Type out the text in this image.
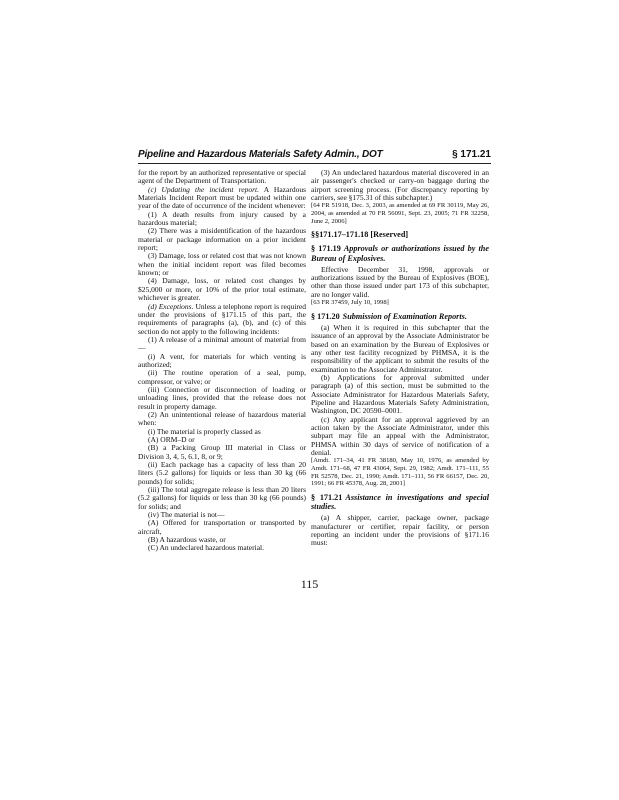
Pipeline and Hazardous Materials Safety Admin., DOT	§ 171.21

for the report by an authorized representative or special agent of the Department of Transportation.

(c) Updating the incident report. A Hazardous Materials Incident Report must be updated within one year of the date of occurrence of the incident whenever:

(1) A death results from injury caused by a hazardous material;

(2) There was a misidentification of the hazardous material or package information on a prior incident report;

(3) Damage, loss or related cost that was not known when the initial incident report was filed becomes known; or

(4) Damage, loss, or related cost changes by $25,000 or more, or 10% of the prior total estimate, whichever is greater.

(d) Exceptions. Unless a telephone report is required under the provisions of §171.15 of this part, the requirements of paragraphs (a), (b), and (c) of this section do not apply to the following incidents:

(1) A release of a minimal amount of material from—

(i) A vent, for materials for which venting is authorized;

(ii) The routine operation of a seal, pump, compressor, or valve; or

(iii) Connection or disconnection of loading or unloading lines, provided that the release does not result in property damage.

(2) An unintentional release of hazardous material when:

(i) The material is properly classed as

(A) ORM–D or

(B) a Packing Group III material in Class or Division 3, 4, 5, 6.1, 8, or 9;

(ii) Each package has a capacity of less than 20 liters (5.2 gallons) for liquids or less than 30 kg (66 pounds) for solids;

(iii) The total aggregate release is less than 20 liters (5.2 gallons) for liquids or less than 30 kg (66 pounds) for solids; and

(iv) The material is not—

(A) Offered for transportation or transported by aircraft,

(B) A hazardous waste, or

(C) An undeclared hazardous material.

(3) An undeclared hazardous material discovered in an air passenger's checked or carry-on baggage during the airport screening process. (For discrepancy reporting by carriers, see §175.31 of this subchapter.)

[64 FR 51918, Dec. 3, 2003, as amended at 69 FR 30119, May 26, 2004, as amended at 70 FR 56091, Sept. 23, 2005; 71 FR 32258, June 2, 2006]

§§171.17–171.18 [Reserved]

§ 171.19 Approvals or authorizations issued by the Bureau of Explosives.

Effective December 31, 1998, approvals or authorizations issued by the Bureau of Explosives (BOE), other than those issued under part 173 of this subchapter, are no longer valid.

[63 FR 37459, July 10, 1998]

§ 171.20 Submission of Examination Reports.

(a) When it is required in this subchapter that the issuance of an approval by the Associate Administrator be based on an examination by the Bureau of Explosives or any other test facility recognized by PHMSA, it is the responsibility of the applicant to submit the results of the examination to the Associate Administrator.

(b) Applications for approval submitted under paragraph (a) of this section, must be submitted to the Associate Administrator for Hazardous Materials Safety, Pipeline and Hazardous Materials Safety Administration, Washington, DC 20590–0001.

(c) Any applicant for an approval aggrieved by an action taken by the Associate Administrator, under this subpart may file an appeal with the Administrator, PHMSA within 30 days of service of notification of a denial.

[Amdt. 171–34, 41 FR 38180, May 10, 1976, as amended by Amdt. 171–68, 47 FR 43064, Sept. 29, 1982; Amdt. 171–111, 55 FR 52578, Dec. 21, 1990; Amdt. 171–111, 56 FR 66157, Dec. 20, 1991; 66 FR 45378, Aug. 28, 2001]

§ 171.21 Assistance in investigations and special studies.

(a) A shipper, carrier, package owner, package manufacturer or certifier, repair facility, or person reporting an incident under the provisions of §171.16 must:

115
